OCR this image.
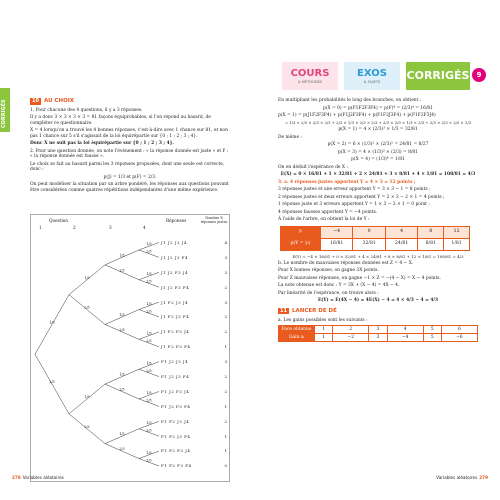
CORRIGÉS
COURS
& MÉTHODES
EXOS
& SUJETS CORRIGÉS	9
10 AU CHOIX

1. Pour chacune des 4 questions, il y a 3 réponses.

Il y a donc 3 × 3 × 3 × 3 = 81 façons équiprobables, si l'on répond au hasard, de compléter ce questionnaire.

X = 4 lorsqu'on a trouvé les 4 bonnes réponses, c'est-à-dire avec 1 chance sur 81, et non pas 1 chance sur 5 s'il s'agissait de la loi équirépartie sur {0 ; 1 ; 2 ; 3 ; 4}.

Donc X ne suit pas la loi équirépartie sur {0 ; 1 ; 2 ; 3 ; 4}.

2. Pour une question donnée, on note l'évènement : « la réponse donnée est juste » et F : « la réponse donnée est fausse ».

Le choix se fait au hasard parmi les 3 réponses proposées, dont une seule est correcte, donc :

p(J) = 1/3 et p(F) = 2/3.

On peut modéliser la situation par un arbre pondéré, les réponses aux questions pouvant être considérées comme quatres répétitions indépendantes d'une même expérience.

1/3
2/3
1/3
2/3
1/3
2/3
1/3
2/3
1/3
2/3
1/3
2/3
1/3
2/3
1/3
2/3
1/3
2/3
1/3
2/3
1/3
2/3
1/3
2/3
1/3
2/3
1/3
2/3
1/3
2/3
Question	Réponses	Nombre X réponses justes
1	2	3	4
J1 J2 J3 J4	4
J1 J2 J3 F4	3
J1 J2 F3 J4	3
J1 J2 F3 F4	2
J1 F2 J3 J4	3
J1 F2 J3 F4	2
J1 F2 F3 J4	2
J1 F2 F3 F4	1
F1 J2 J3 J4	3
F1 J2 J3 F4	2
F1 J2 F3 J4	2
F1 J2 F3 F4	1
F1 F2 J3 J4	2
F1 F2 J3 F4	1
F1 F2 F3 J4	1
F1 F2 F3 F4	0

En multipliant les probabilités le long des branches, on obtient :

p(X = 0) = p(F1F2F3F4) = p(F)⁴ = (2/3)⁴ = 16/81

p(X = 1) = p(J1F2F3F4) + p(F1J2F3F4) + p(F1F2J3F4) + p(F1F2F3J4)

= 1/3 × 2/3 × 2/3 × 2/3 + 2/3 × 1/3 × 2/3 × 2/3 + 2/3 × 2/3 × 1/3 × 2/3 + 2/3 × 2/3 × 2/3 × 1/3

p(X = 1) = 4 × (2/3)³ × 1/3 = 32/81

De même :

p(X = 2) = 6 × (1/3)² × (2/3)² = 24/81 = 8/27

p(X = 3) = 4 × (1/3)³ × (2/3) = 8/81

p(X = 4) = (1/3)⁴ = 1/81

On en déduit l'espérance de X :

E(X) = 0 × 16/81 + 1 × 32/81 + 2 × 24/81 + 3 × 8/81 + 4 × 1/81 = 108/81 = 4/3

3. a. 4 réponses justes apportent Y = 4 × 3 = 12 points ;

3 réponses justes et une erreur apportent Y = 3 × 3 − 1 = 8 points ;

2 réponses justes et deux erreurs apportent Y = 2 × 3 − 2 × 1 = 4 points ;

1 réponse juste et 3 erreurs apportent Y = 1 × 3 − 3 × 1 = 0 point ;

4 réponses fausses apportent Y = −4 points.

À l'aide de l'arbre, on obtient la loi de Y :

yᵢ	−4	0	4	8	12
p(Y = yᵢ)	16/81	32/81	24/81	8/81	1/81

E(Y) = −4 × 16/81 + 0 × 32/81 + 4 × 24/81 + 8 × 8/81 + 12 × 1/81 = 108/81 = 4/3

b. Le nombre de mauvaises réponses données est Z = 4 − X.

Pour X bonnes réponses, on gagne 3X points.

Pour Z mauvaises réponses, on gagne −1 × Z = −(4 − X) = X − 4 points.

La note obtenue est donc : Y = 3X + (X − 4) = 4X − 4.

Par linéarité de l'espérance, on trouve alors :

E(Y) = E(4X − 4) = 4E(X) − 4 = 4 × 4/3 − 4 = 4/3

11 LANCER DE DÉ

a. Les gains possibles sont les suivants :

Face obtenue	1	2	3	4	5	6
Gain xᵢ	1	−2	3	−4	5	−6
278 Variables aléatoires	Variables aléatoires 279
